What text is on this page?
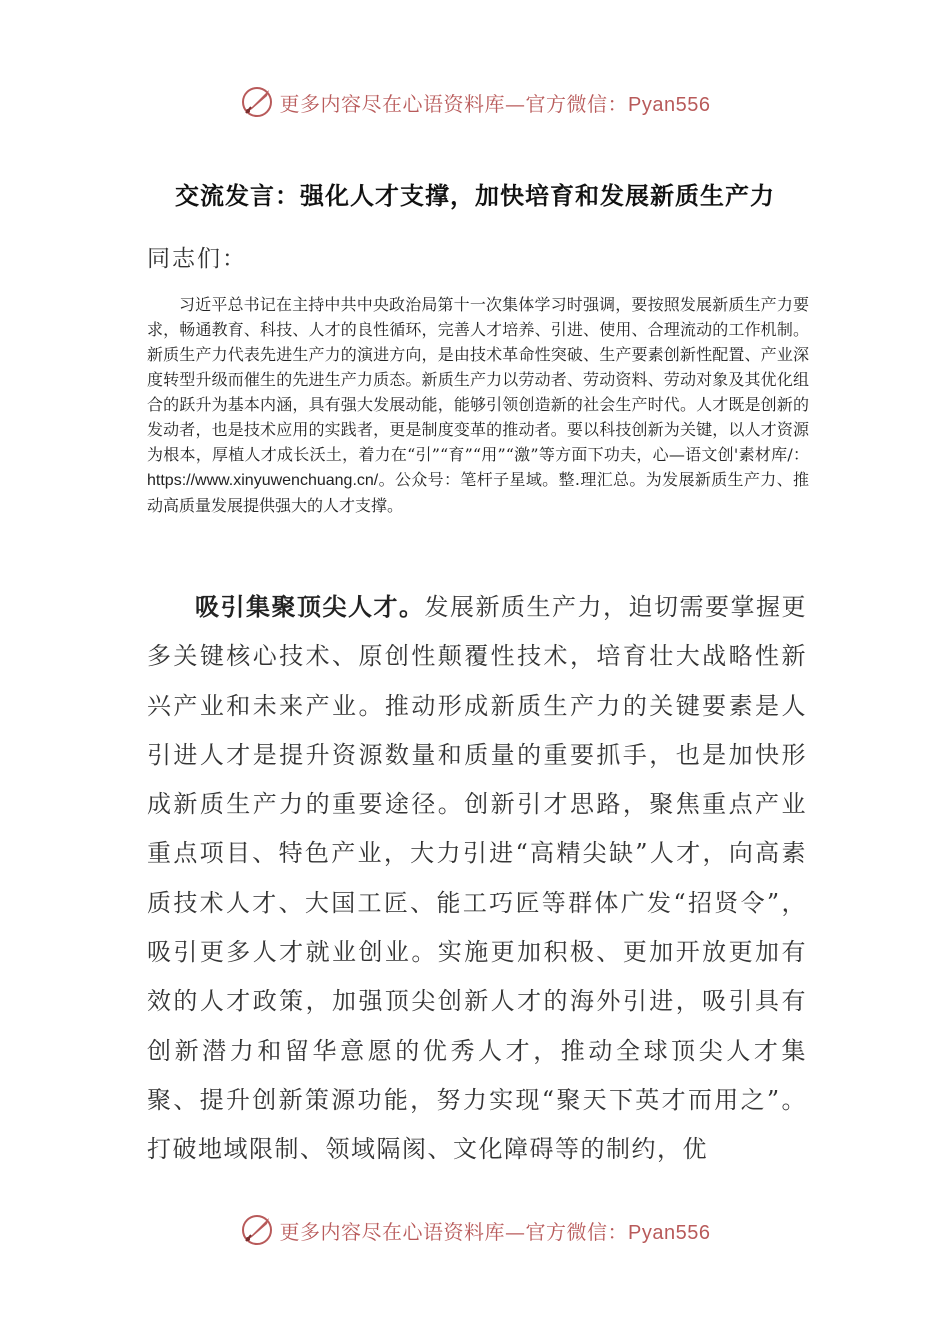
更多内容尽在心语资料库—官方微信：Pyan556
交流发言：强化人才支撑，加快培育和发展新质生产力
同志们：
习近平总书记在主持中共中央政治局第十一次集体学习时强调，要按照发展新质生产力要求，畅通教育、科技、人才的良性循环，完善人才培养、引进、使用、合理流动的工作机制。新质生产力代表先进生产力的演进方向，是由技术革命性突破、生产要素创新性配置、产业深度转型升级而催生的先进生产力质态。新质生产力以劳动者、劳动资料、劳动对象及其优化组合的跃升为基本内涵，具有强大发展动能，能够引领创造新的社会生产时代。人才既是创新的发动者，也是技术应用的实践者，更是制度变革的推动者。要以科技创新为关键，以人才资源为根本，厚植人才成长沃土，着力在“引”“育”“用”“激”等方面下功夫，心—语文创'素材库/：https://www.xinyuwenchuang.cn/。公众号：笔杆子星域。整.理汇总。为发展新质生产力、推动高质量发展提供强大的人才支撑。
吸引集聚顶尖人才。发展新质生产力，迫切需要掌握更多关键核心技术、原创性颠覆性技术，培育壮大战略性新兴产业和未来产业。推动形成新质生产力的关键要素是人引进人才是提升资源数量和质量的重要抓手，也是加快形成新质生产力的重要途径。创新引才思路，聚焦重点产业重点项目、特色产业，大力引进“高精尖缺”人才，向高素质技术人才、大国工匠、能工巧匠等群体广发“招贤令”，吸引更多人才就业创业。实施更加积极、更加开放更加有效的人才政策，加强顶尖创新人才的海外引进，吸引具有创新潜力和留华意愿的优秀人才，推动全球顶尖人才集聚、提升创新策源功能，努力实现“聚天下英才而用之”。打破地域限制、领域隔阂、文化障碍等的制约，优
更多内容尽在心语资料库—官方微信：Pyan556
